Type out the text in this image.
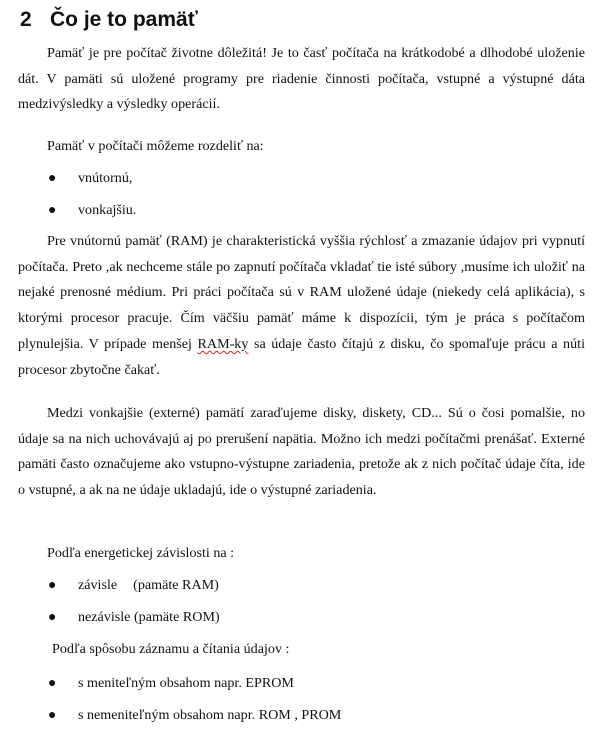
2 Čo je to pamäť

Pamäť je pre počítač životne dôležitá! Je to časť počítača na krátkodobé a dlhodobé uloženie dát. V pamäti sú uložené programy pre riadenie činnosti počítača, vstupné a výstupné dáta medzivýsledky a výsledky operácií.

Pamäť v počítači môžeme rozdeliť na:

● vnútornú,

● vonkajšiu.

Pre vnútornú pamäť (RAM) je charakteristická vyššia rýchlosť a zmazanie údajov pri vypnutí počítača. Preto ,ak nechceme stále po zapnutí počítača vkladať tie isté súbory ,musíme ich uložiť na nejaké prenosné médium. Pri práci počítača sú v RAM uložené údaje (niekedy celá aplikácia), s ktorými procesor pracuje. Čím väčšiu pamäť máme k dispozícii, tým je práca s počítačom plynulejšia. V prípade menšej RAM-ky sa údaje často čítajú z disku, čo spomaľuje prácu a núti procesor zbytočne čakať.

Medzi vonkajšie (externé) pamätí zaraďujeme disky, diskety, CD... Sú o čosi pomalšie, no údaje sa na nich uchovávajú aj po prerušení napätia. Možno ich medzi počítačmi prenášať. Externé pamäti často označujeme ako vstupno-výstupne zariadenia, pretože ak z nich počítač údaje číta, ide o vstupné, a ak na ne údaje ukladajú, ide o výstupné zariadenia.

Podľa energetickej závislosti na :

● závisle (pamäte RAM)

● nezávisle (pamäte ROM)

Podľa spôsobu záznamu a čítania údajov :

● s meniteľným obsahom napr. EPROM

● s nemeniteľným obsahom napr. ROM , PROM
